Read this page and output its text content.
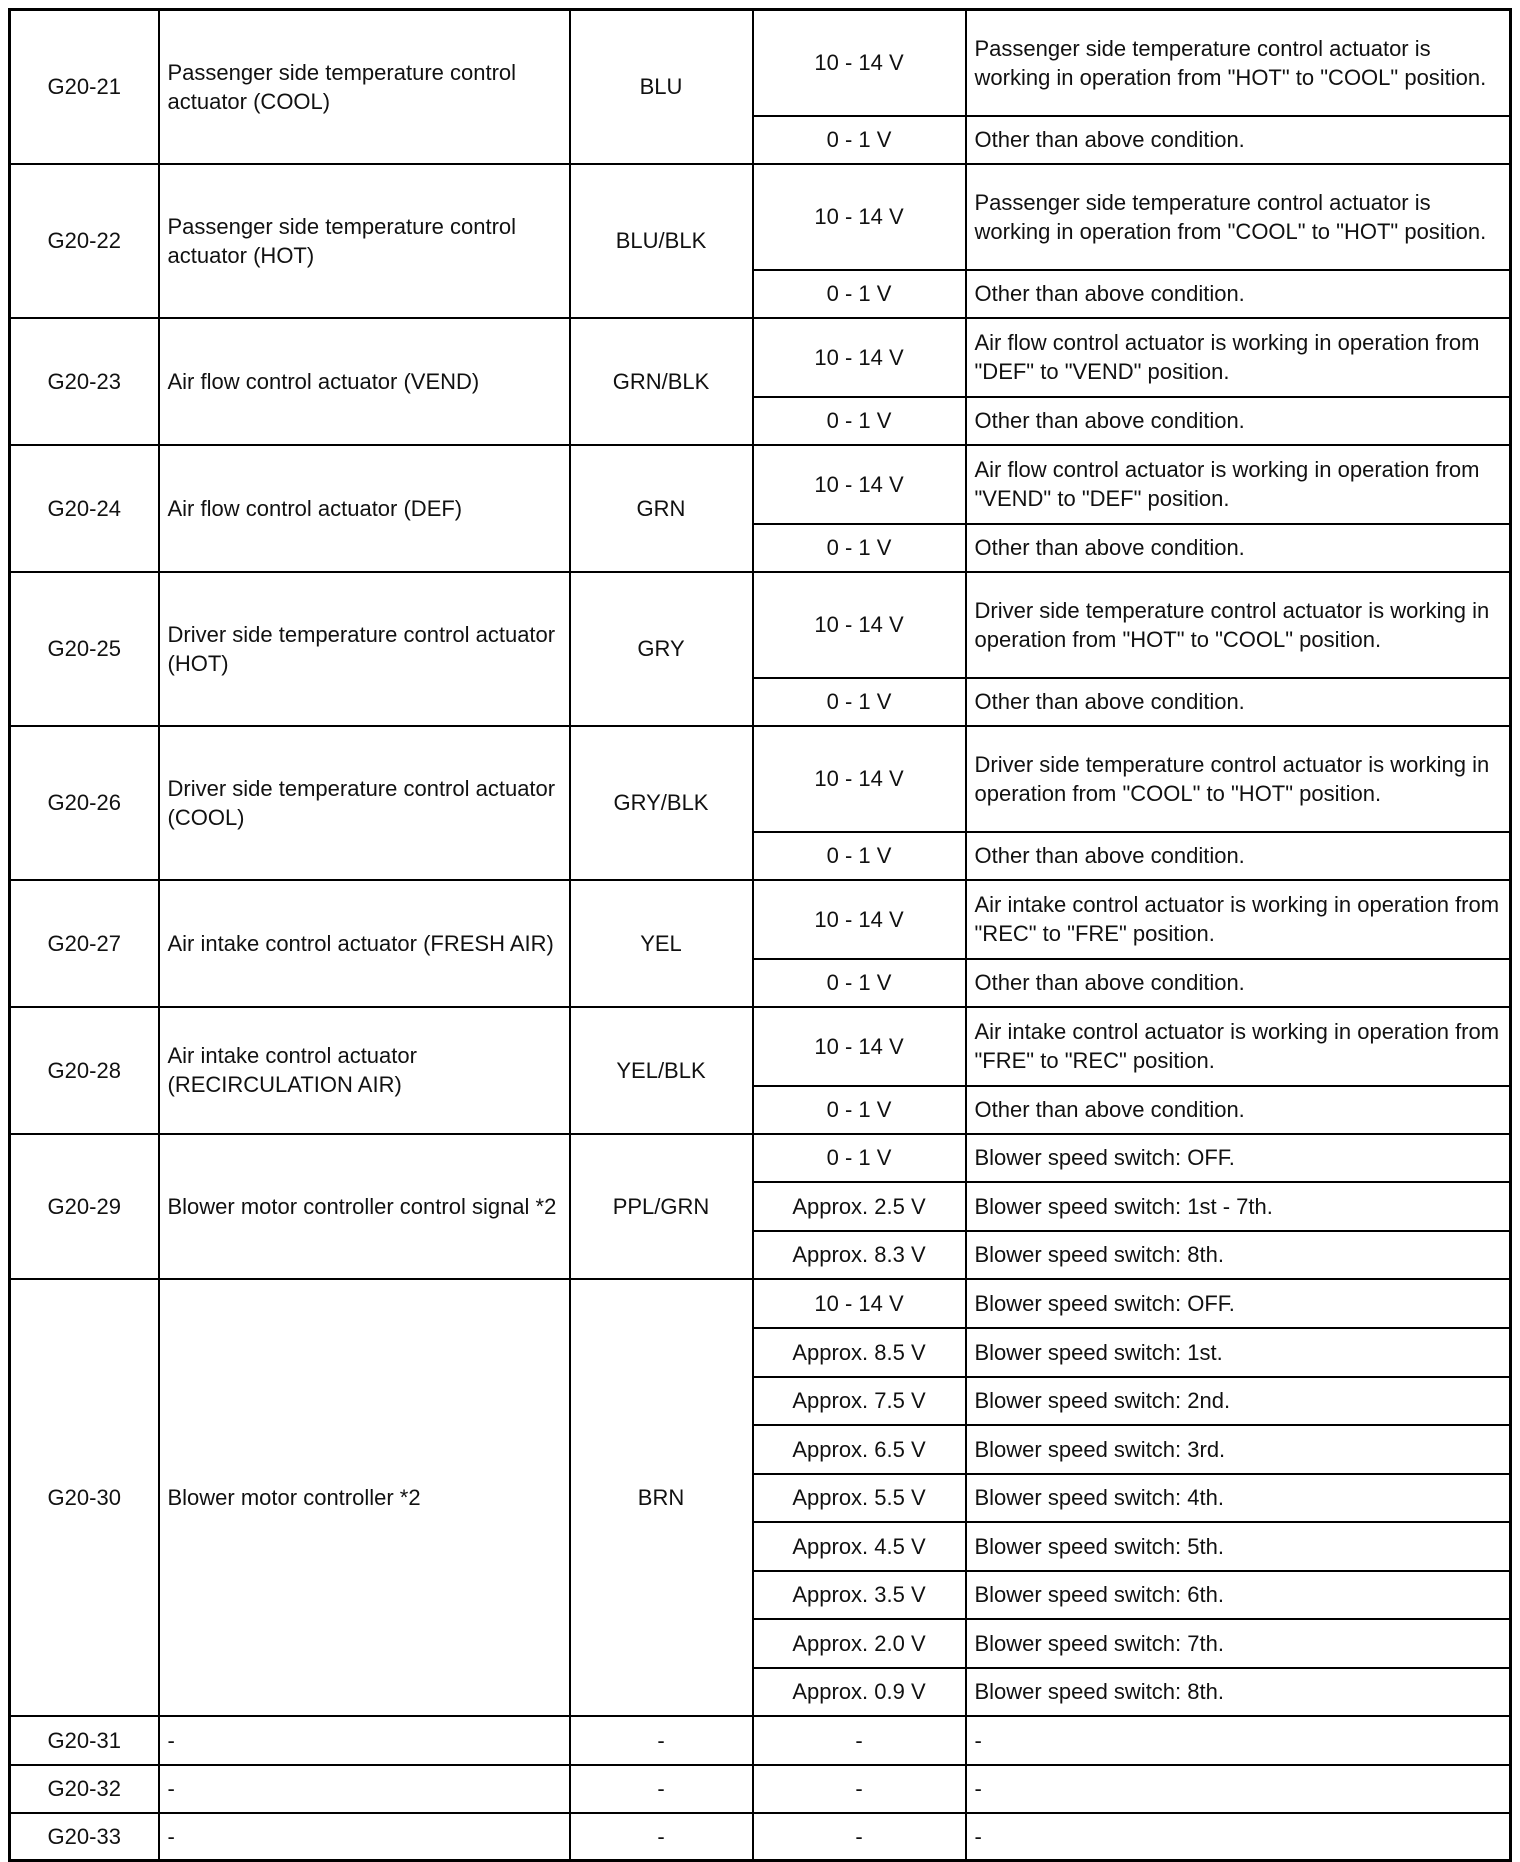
G20-21	Passenger side temperature control actuator (COOL)	BLU	10 - 14 V	Passenger side temperature control actuator is working in operation from "HOT" to "COOL" position.
			0 - 1 V	Other than above condition.
G20-22	Passenger side temperature control actuator (HOT)	BLU/BLK	10 - 14 V	Passenger side temperature control actuator is working in operation from "COOL" to "HOT" position.
			0 - 1 V	Other than above condition.
G20-23	Air flow control actuator (VEND)	GRN/BLK	10 - 14 V	Air flow control actuator is working in operation from "DEF" to "VEND" position.
			0 - 1 V	Other than above condition.
G20-24	Air flow control actuator (DEF)	GRN	10 - 14 V	Air flow control actuator is working in operation from "VEND" to "DEF" position.
			0 - 1 V	Other than above condition.
G20-25	Driver side temperature control actuator (HOT)	GRY	10 - 14 V	Driver side temperature control actuator is working in operation from "HOT" to "COOL" position.
			0 - 1 V	Other than above condition.
G20-26	Driver side temperature control actuator (COOL)	GRY/BLK	10 - 14 V	Driver side temperature control actuator is working in operation from "COOL" to "HOT" position.
			0 - 1 V	Other than above condition.
G20-27	Air intake control actuator (FRESH AIR)	YEL	10 - 14 V	Air intake control actuator is working in operation from "REC" to "FRE" position.
			0 - 1 V	Other than above condition.
G20-28	Air intake control actuator (RECIRCULATION AIR)	YEL/BLK	10 - 14 V	Air intake control actuator is working in operation from "FRE" to "REC" position.
			0 - 1 V	Other than above condition.
G20-29	Blower motor controller control signal *2	PPL/GRN	0 - 1 V	Blower speed switch: OFF.
			Approx. 2.5 V	Blower speed switch: 1st - 7th.
			Approx. 8.3 V	Blower speed switch: 8th.
G20-30	Blower motor controller *2	BRN	10 - 14 V	Blower speed switch: OFF.
			Approx. 8.5 V	Blower speed switch: 1st.
			Approx. 7.5 V	Blower speed switch: 2nd.
			Approx. 6.5 V	Blower speed switch: 3rd.
			Approx. 5.5 V	Blower speed switch: 4th.
			Approx. 4.5 V	Blower speed switch: 5th.
			Approx. 3.5 V	Blower speed switch: 6th.
			Approx. 2.0 V	Blower speed switch: 7th.
			Approx. 0.9 V	Blower speed switch: 8th.
G20-31	-	-	-	-
G20-32	-	-	-	-
G20-33	-	-	-	-
